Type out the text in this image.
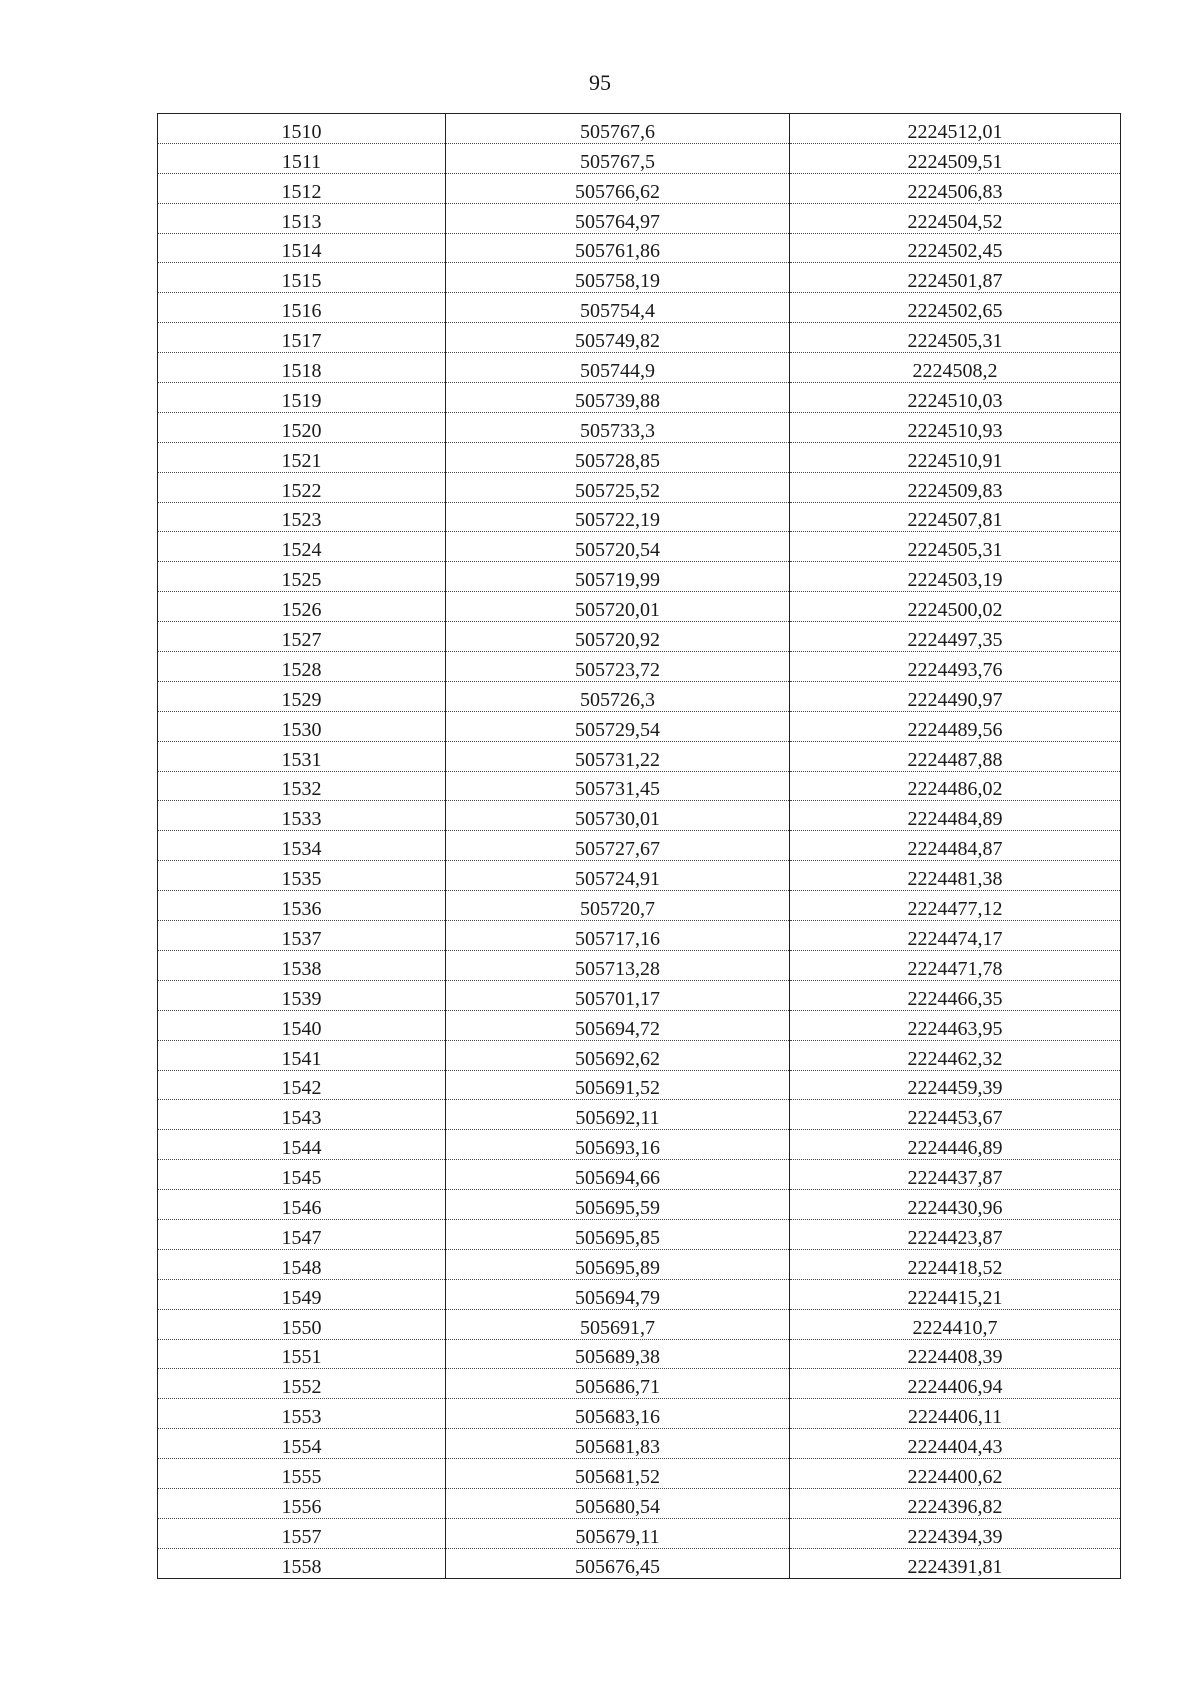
95
1510	505767,6	2224512,01
1511	505767,5	2224509,51
1512	505766,62	2224506,83
1513	505764,97	2224504,52
1514	505761,86	2224502,45
1515	505758,19	2224501,87
1516	505754,4	2224502,65
1517	505749,82	2224505,31
1518	505744,9	2224508,2
1519	505739,88	2224510,03
1520	505733,3	2224510,93
1521	505728,85	2224510,91
1522	505725,52	2224509,83
1523	505722,19	2224507,81
1524	505720,54	2224505,31
1525	505719,99	2224503,19
1526	505720,01	2224500,02
1527	505720,92	2224497,35
1528	505723,72	2224493,76
1529	505726,3	2224490,97
1530	505729,54	2224489,56
1531	505731,22	2224487,88
1532	505731,45	2224486,02
1533	505730,01	2224484,89
1534	505727,67	2224484,87
1535	505724,91	2224481,38
1536	505720,7	2224477,12
1537	505717,16	2224474,17
1538	505713,28	2224471,78
1539	505701,17	2224466,35
1540	505694,72	2224463,95
1541	505692,62	2224462,32
1542	505691,52	2224459,39
1543	505692,11	2224453,67
1544	505693,16	2224446,89
1545	505694,66	2224437,87
1546	505695,59	2224430,96
1547	505695,85	2224423,87
1548	505695,89	2224418,52
1549	505694,79	2224415,21
1550	505691,7	2224410,7
1551	505689,38	2224408,39
1552	505686,71	2224406,94
1553	505683,16	2224406,11
1554	505681,83	2224404,43
1555	505681,52	2224400,62
1556	505680,54	2224396,82
1557	505679,11	2224394,39
1558	505676,45	2224391,81
